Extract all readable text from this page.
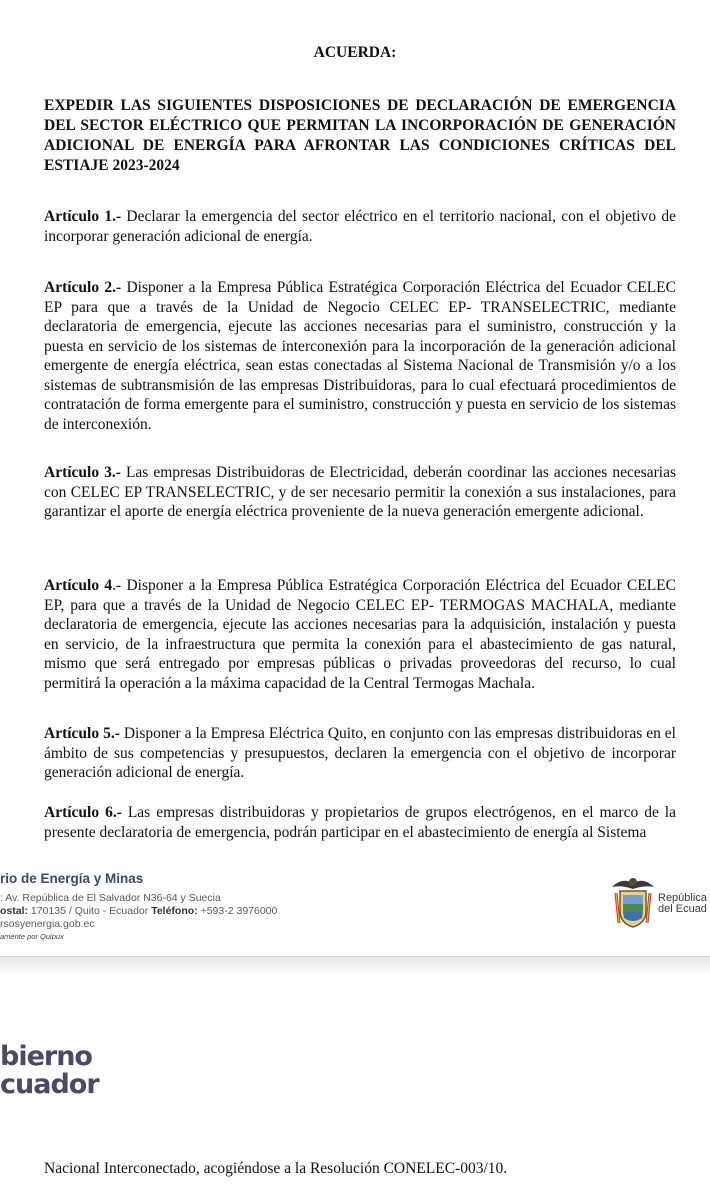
ACUERDA:
EXPEDIR LAS SIGUIENTES DISPOSICIONES DE DECLARACIÓN DE EMERGENCIA DEL SECTOR ELÉCTRICO QUE PERMITAN LA INCORPORACIÓN DE GENERACIÓN ADICIONAL DE ENERGÍA PARA AFRONTAR LAS CONDICIONES CRÍTICAS DEL ESTIAJE 2023-2024

Artículo 1.- Declarar la emergencia del sector eléctrico en el territorio nacional, con el objetivo de incorporar generación adicional de energía.

Artículo 2.- Disponer a la Empresa Pública Estratégica Corporación Eléctrica del Ecuador CELEC EP para que a través de la Unidad de Negocio CELEC EP- TRANSELECTRIC, mediante declaratoria de emergencia, ejecute las acciones necesarias para el suministro, construcción y la puesta en servicio de los sistemas de interconexión para la incorporación de la generación adicional emergente de energía eléctrica, sean estas conectadas al Sistema Nacional de Transmisión y/o a los sistemas de subtransmisión de las empresas Distribuidoras, para lo cual efectuará procedimientos de contratación de forma emergente para el suministro, construcción y puesta en servicio de los sistemas de interconexión.

Artículo 3.- Las empresas Distribuidoras de Electricidad, deberán coordinar las acciones necesarias con CELEC EP TRANSELECTRIC, y de ser necesario permitir la conexión a sus instalaciones, para garantizar el aporte de energía eléctrica proveniente de la nueva generación emergente adicional.

Artículo 4.- Disponer a la Empresa Pública Estratégica Corporación Eléctrica del Ecuador CELEC EP, para que a través de la Unidad de Negocio CELEC EP- TERMOGAS MACHALA, mediante declaratoria de emergencia, ejecute las acciones necesarias para la adquisición, instalación y puesta en servicio, de la infraestructura que permita la conexión para el abastecimiento de gas natural, mismo que será entregado por empresas públicas o privadas proveedoras del recurso, lo cual permitirá la operación a la máxima capacidad de la Central Termogas Machala.

Artículo 5.- Disponer a la Empresa Eléctrica Quito, en conjunto con las empresas distribuidoras en el ámbito de sus competencias y presupuestos, declaren la emergencia con el objetivo de incorporar generación adicional de energía.

Artículo 6.- Las empresas distribuidoras y propietarios de grupos electrógenos, en el marco de la presente declaratoria de emergencia, podrán participar en el abastecimiento de energía al Sistema

rio de Energía y Minas
: Av. República de El Salvador N36-64 y Suecia
ostal: 170135 / Quito - Ecuador Teléfono: +593-2 3976000
rsosyenergia.gob.ec
amente por Quipux
República
del Ecuad
bierno
cuador
Nacional Interconectado, acogiéndose a la Resolución CONELEC-003/10.
